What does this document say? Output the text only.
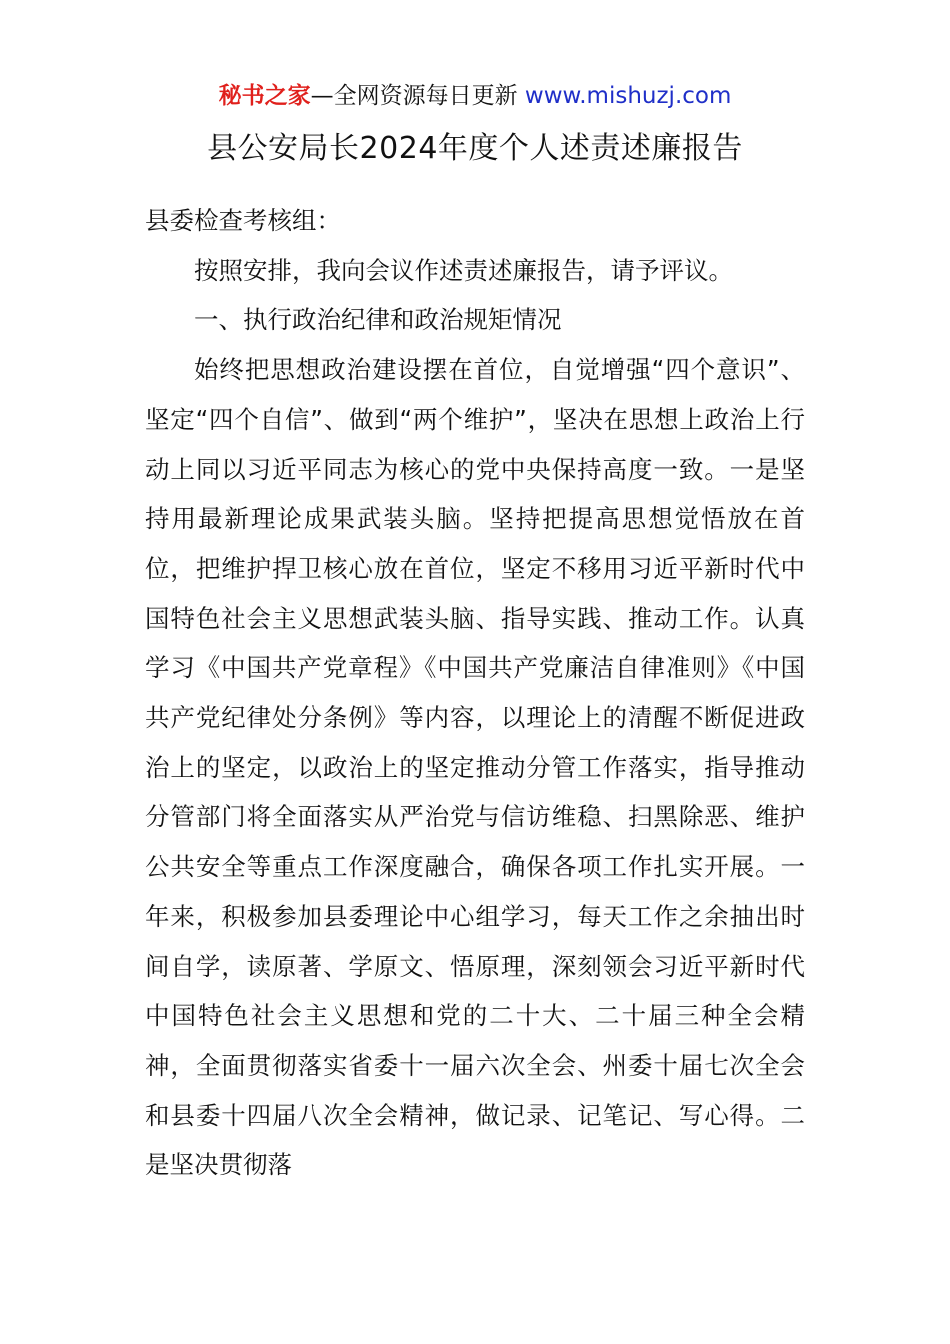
秘书之家—全网资源每日更新 www.mishuzj.com
县公安局长2024年度个人述责述廉报告

县委检查考核组：

按照安排，我向会议作述责述廉报告，请予评议。

一、执行政治纪律和政治规矩情况

始终把思想政治建设摆在首位，自觉增强“四个意识”、坚定“四个自信”、做到“两个维护”，坚决在思想上政治上行动上同以习近平同志为核心的党中央保持高度一致。一是坚持用最新理论成果武装头脑。坚持把提高思想觉悟放在首位，把维护捍卫核心放在首位，坚定不移用习近平新时代中国特色社会主义思想武装头脑、指导实践、推动工作。认真学习《中国共产党章程》《中国共产党廉洁自律准则》《中国共产党纪律处分条例》等内容，以理论上的清醒不断促进政治上的坚定，以政治上的坚定推动分管工作落实，指导推动分管部门将全面落实从严治党与信访维稳、扫黑除恶、维护公共安全等重点工作深度融合，确保各项工作扎实开展。一年来，积极参加县委理论中心组学习，每天工作之余抽出时间自学，读原著、学原文、悟原理，深刻领会习近平新时代中国特色社会主义思想和党的二十大、二十届三种全会精神，全面贯彻落实省委十一届六次全会、州委十届七次全会和县委十四届八次全会精神，做记录、记笔记、写心得。二是坚决贯彻落
